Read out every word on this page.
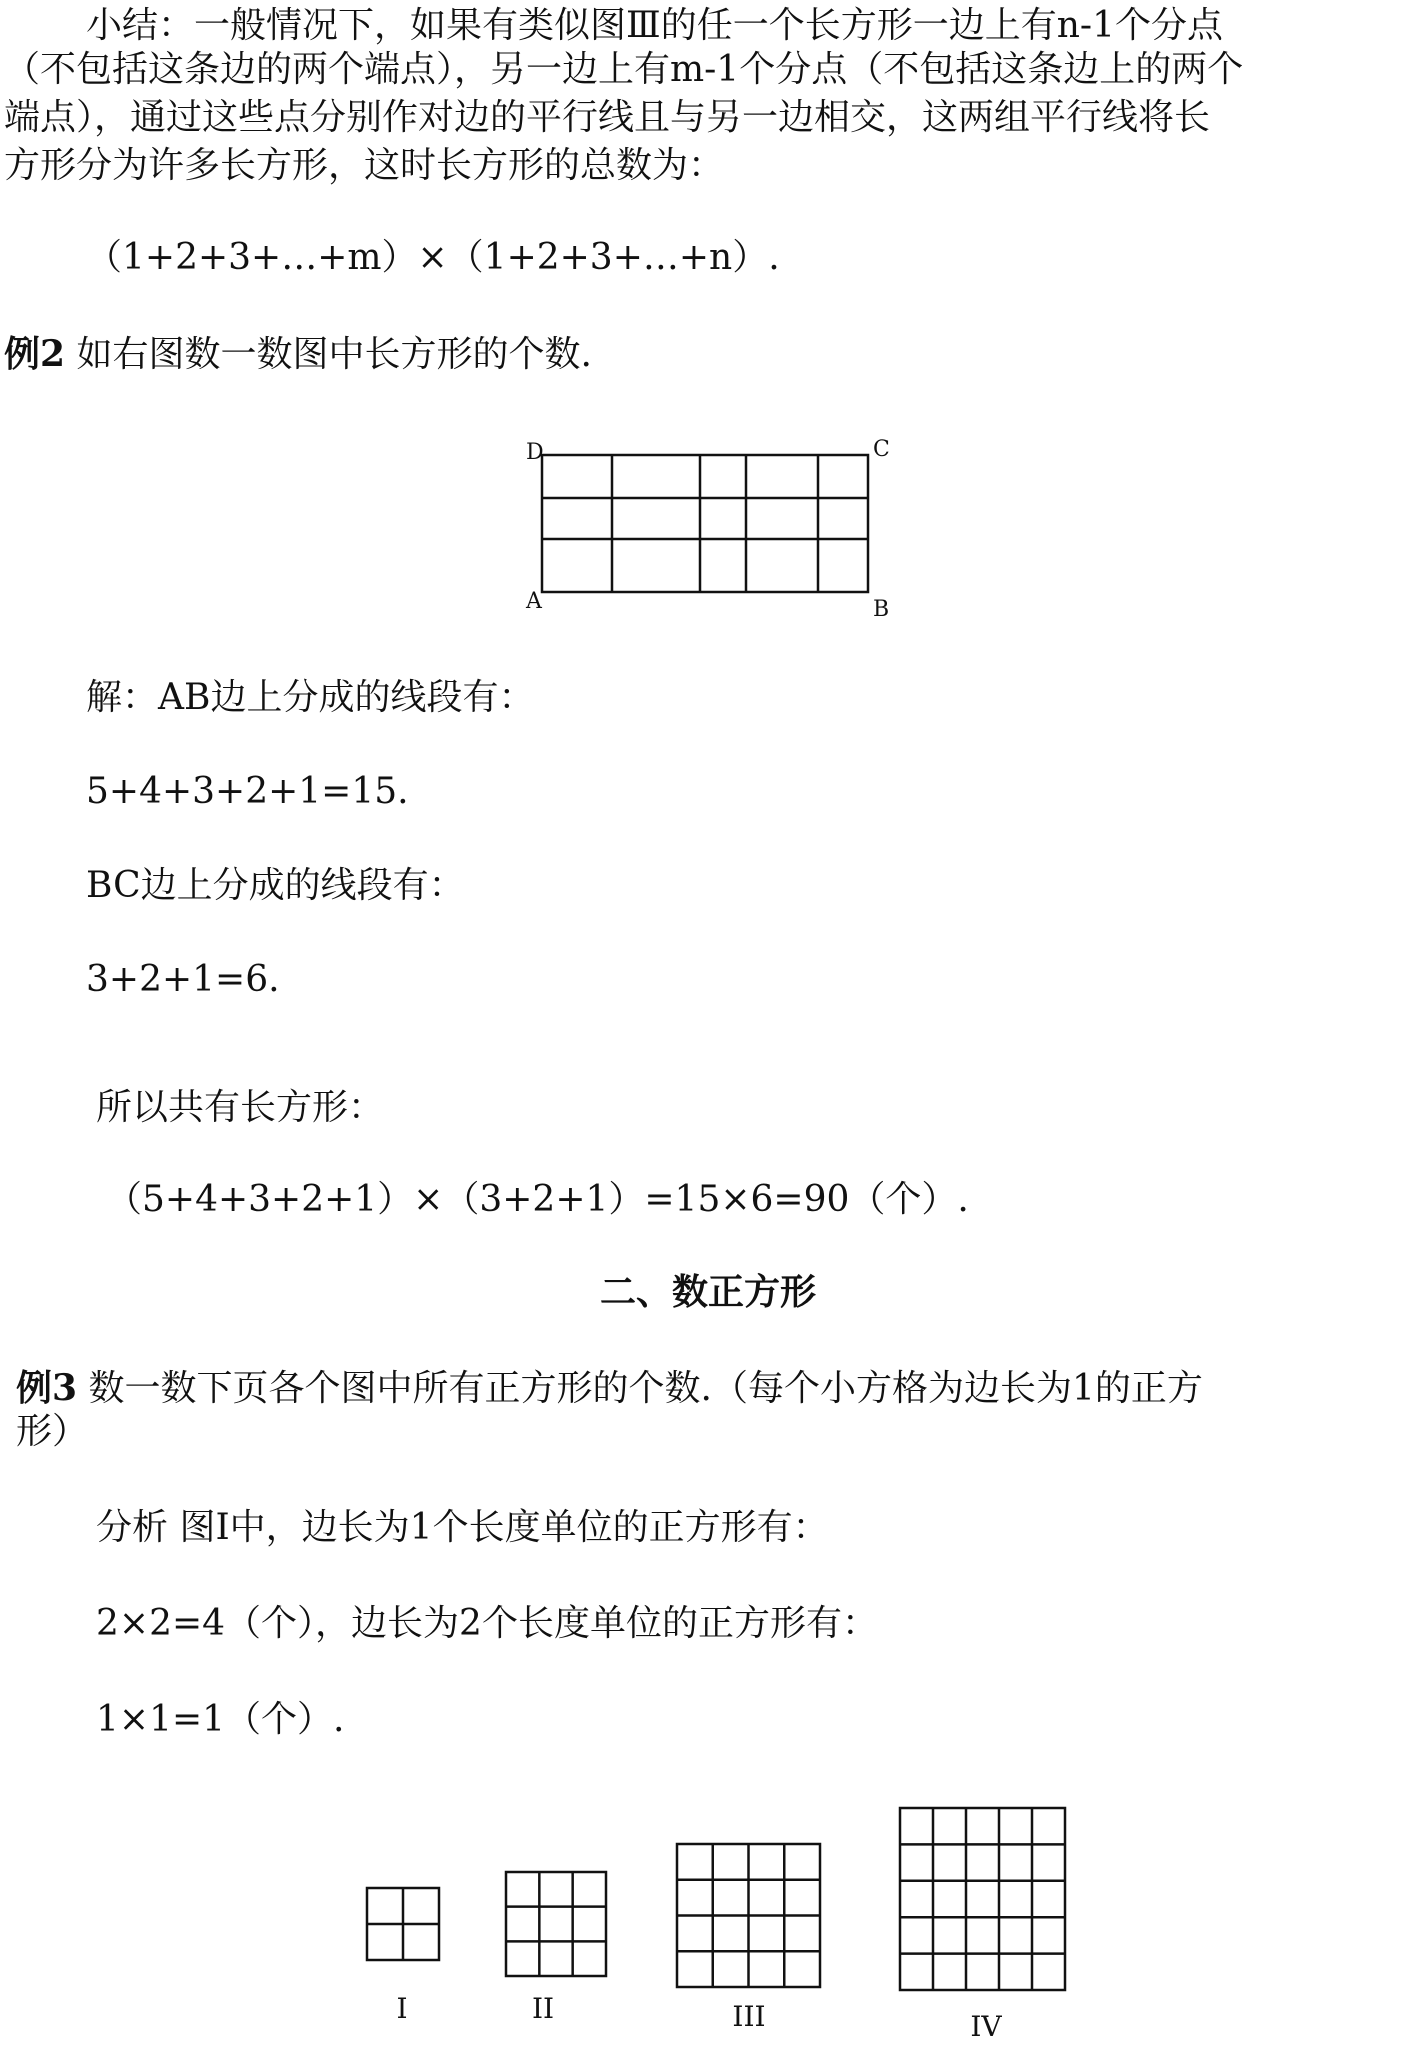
小结：一般情况下，如果有类似图Ⅲ的任一个长方形一边上有n-1个分点
（不包括这条边的两个端点），另一边上有m-1个分点（不包括这条边上的两个
端点），通过这些点分别作对边的平行线且与另一边相交，这两组平行线将长
方形分为许多长方形，这时长方形的总数为：
（1+2+3+…+m）×（1+2+3+…+n）.
例2 如右图数一数图中长方形的个数.
D	C
A	B
解：AB边上分成的线段有：
5+4+3+2+1=15.
BC边上分成的线段有：
3+2+1=6.
所以共有长方形：
（5+4+3+2+1）×（3+2+1）=15×6=90（个）.
二、数正方形
例3 数一数下页各个图中所有正方形的个数.（每个小方格为边长为1的正方
形）
分析 图Ⅰ中，边长为1个长度单位的正方形有：
2×2=4（个），边长为2个长度单位的正方形有：
1×1=1（个）.
I	II	III	IV
